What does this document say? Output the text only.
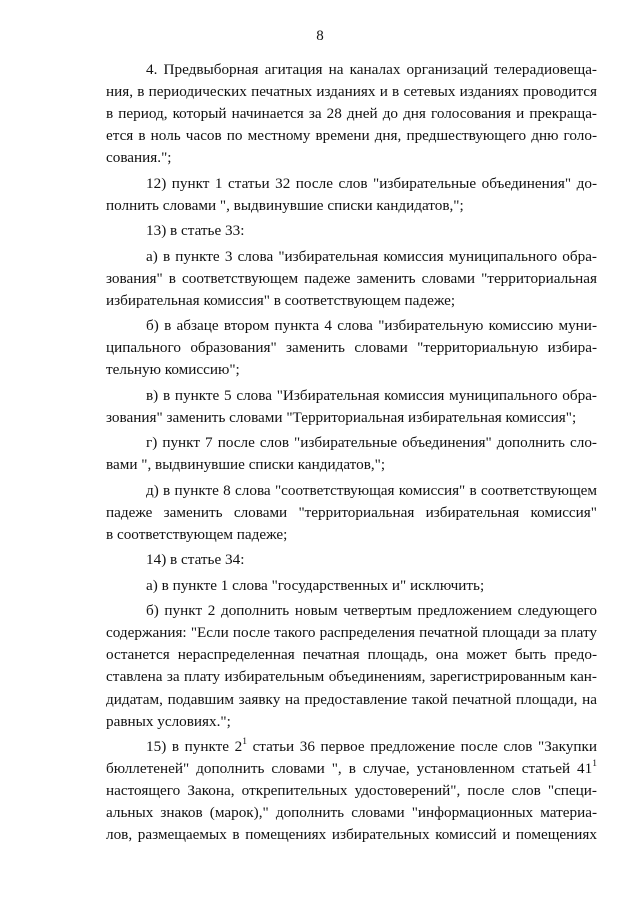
8

4. Предвыборная агитация на каналах организаций телерадиовеща-
ния, в периодических печатных изданиях и в сетевых изданиях проводится
в период, который начинается за 28 дней до дня голосования и прекраща-
ется в ноль часов по местному времени дня, предшествующего дню голо-
сования.";

12) пункт 1 статьи 32 после слов "избирательные объединения" до-
полнить словами ", выдвинувшие списки кандидатов,";

13) в статье 33:

а) в пункте 3 слова "избирательная комиссия муниципального обра-
зования" в соответствующем падеже заменить словами "территориальная
избирательная комиссия" в соответствующем падеже;

б) в абзаце втором пункта 4 слова "избирательную комиссию муни-
ципального образования" заменить словами "территориальную избира-
тельную комиссию";

в) в пункте 5 слова "Избирательная комиссия муниципального обра-
зования" заменить словами "Территориальная избирательная комиссия";

г) пункт 7 после слов "избирательные объединения" дополнить сло-
вами ", выдвинувшие списки кандидатов,";

д) в пункте 8 слова "соответствующая комиссия" в соответствующем
падеже заменить словами "территориальная избирательная комиссия"
в соответствующем падеже;

14) в статье 34:

а) в пункте 1 слова "государственных и" исключить;

б) пункт 2 дополнить новым четвертым предложением следующего
содержания: "Если после такого распределения печатной площади за плату
останется нераспределенная печатная площадь, она может быть предо-
ставлена за плату избирательным объединениям, зарегистрированным кан-
дидатам, подавшим заявку на предоставление такой печатной площади, на
равных условиях.";

15) в пункте $2^1$ статьи 36 первое предложение после слов "Закупки
бюллетеней" дополнить словами ", в случае, установленном статьей $41^1$
настоящего Закона, открепительных удостоверений", после слов "специ-
альных знаков (марок)," дополнить словами "информационных материа-
лов, размещаемых в помещениях избирательных комиссий и помещениях
